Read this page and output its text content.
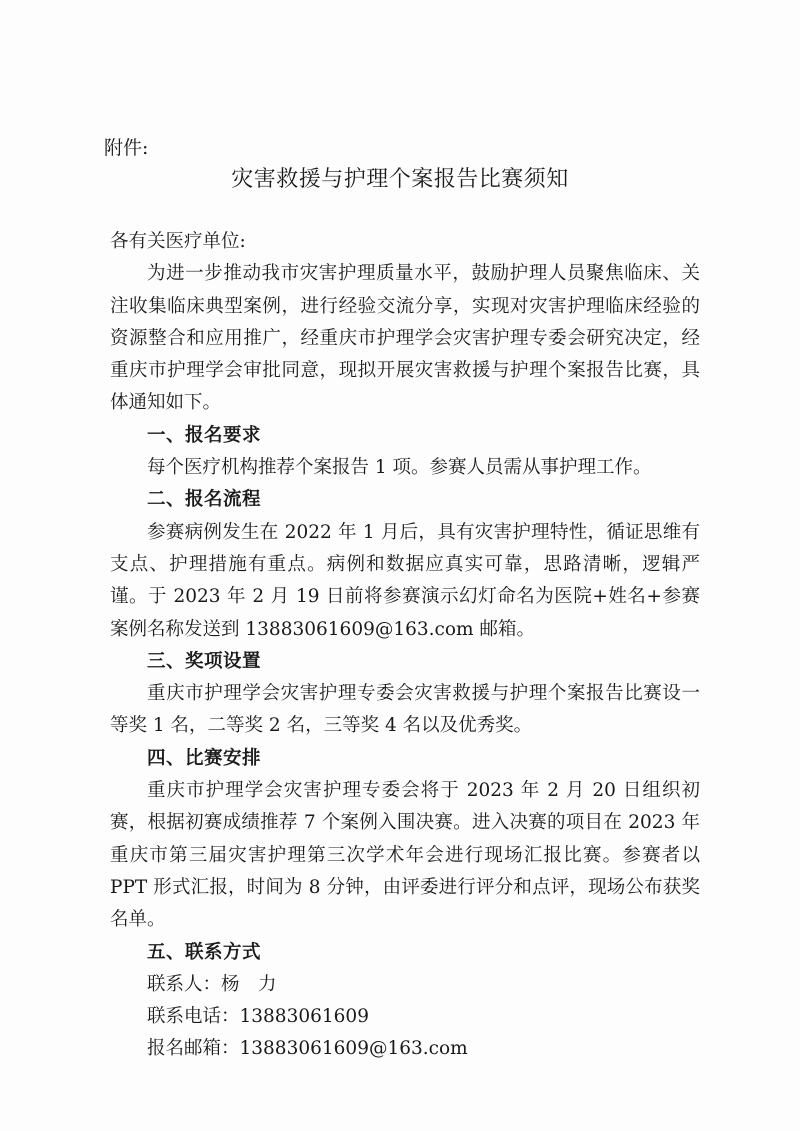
附件:
灾害救援与护理个案报告比赛须知

各有关医疗单位:

为进一步推动我市灾害护理质量水平，鼓励护理人员聚焦临床、关注收集临床典型案例，进行经验交流分享，实现对灾害护理临床经验的资源整合和应用推广，经重庆市护理学会灾害护理专委会研究决定，经重庆市护理学会审批同意，现拟开展灾害救援与护理个案报告比赛，具体通知如下。

一、报名要求

每个医疗机构推荐个案报告 1 项。参赛人员需从事护理工作。

二、报名流程

参赛病例发生在 2022 年 1 月后，具有灾害护理特性，循证思维有支点、护理措施有重点。病例和数据应真实可靠，思路清晰，逻辑严谨。于 2023 年 2 月 19 日前将参赛演示幻灯命名为医院+姓名+参赛案例名称发送到 13883061609@163.com 邮箱。

三、奖项设置

重庆市护理学会灾害护理专委会灾害救援与护理个案报告比赛设一等奖 1 名，二等奖 2 名，三等奖 4 名以及优秀奖。

四、比赛安排

重庆市护理学会灾害护理专委会将于 2023 年 2 月 20 日组织初赛，根据初赛成绩推荐 7 个案例入围决赛。进入决赛的项目在 2023 年重庆市第三届灾害护理第三次学术年会进行现场汇报比赛。参赛者以 PPT 形式汇报，时间为 8 分钟，由评委进行评分和点评，现场公布获奖名单。

五、联系方式

联系人：杨　力

联系电话：13883061609

报名邮箱：13883061609@163.com
